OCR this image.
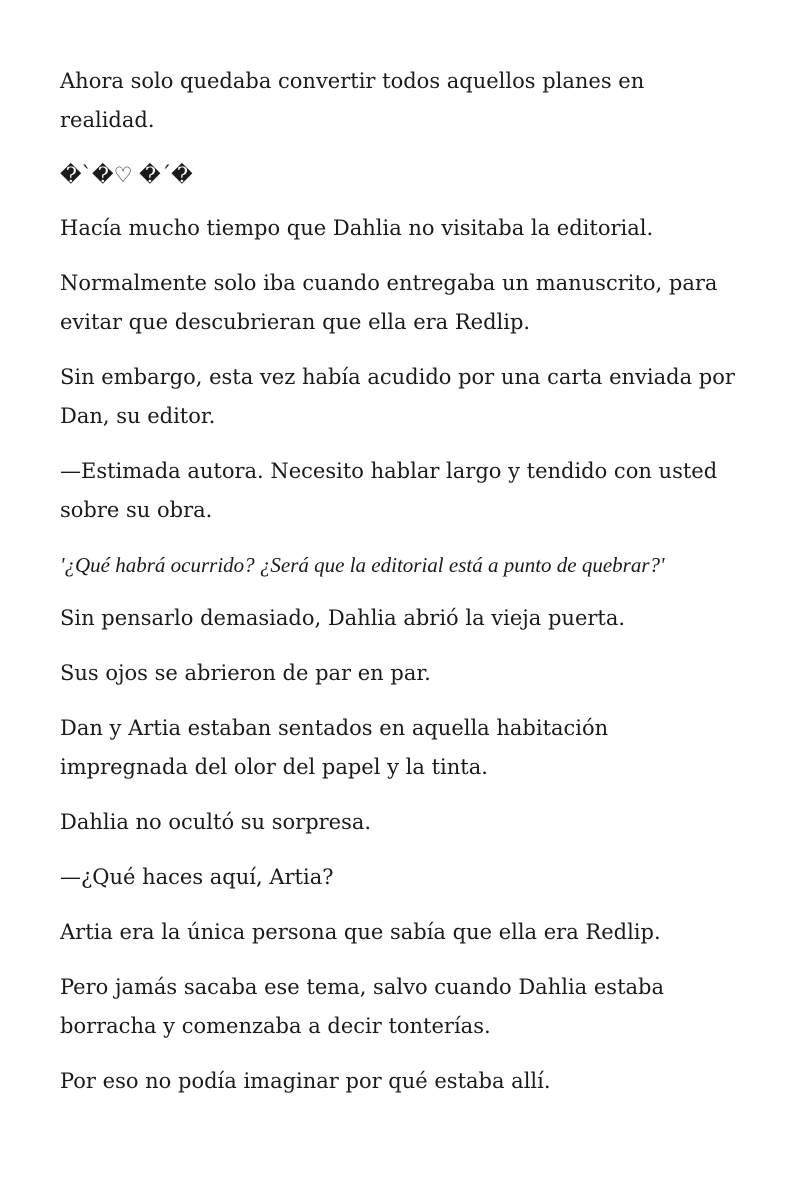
Ahora solo quedaba convertir todos aquellos planes en realidad.

�`�♡ �´�

Hacía mucho tiempo que Dahlia no visitaba la editorial.

Normalmente solo iba cuando entregaba un manuscrito, para evitar que descubrieran que ella era Redlip.

Sin embargo, esta vez había acudido por una carta enviada por Dan, su editor.

—Estimada autora. Necesito hablar largo y tendido con usted sobre su obra.

'¿Qué habrá ocurrido? ¿Será que la editorial está a punto de quebrar?'

Sin pensarlo demasiado, Dahlia abrió la vieja puerta.

Sus ojos se abrieron de par en par.

Dan y Artia estaban sentados en aquella habitación impregnada del olor del papel y la tinta.

Dahlia no ocultó su sorpresa.

—¿Qué haces aquí, Artia?

Artia era la única persona que sabía que ella era Redlip.

Pero jamás sacaba ese tema, salvo cuando Dahlia estaba borracha y comenzaba a decir tonterías.

Por eso no podía imaginar por qué estaba allí.
